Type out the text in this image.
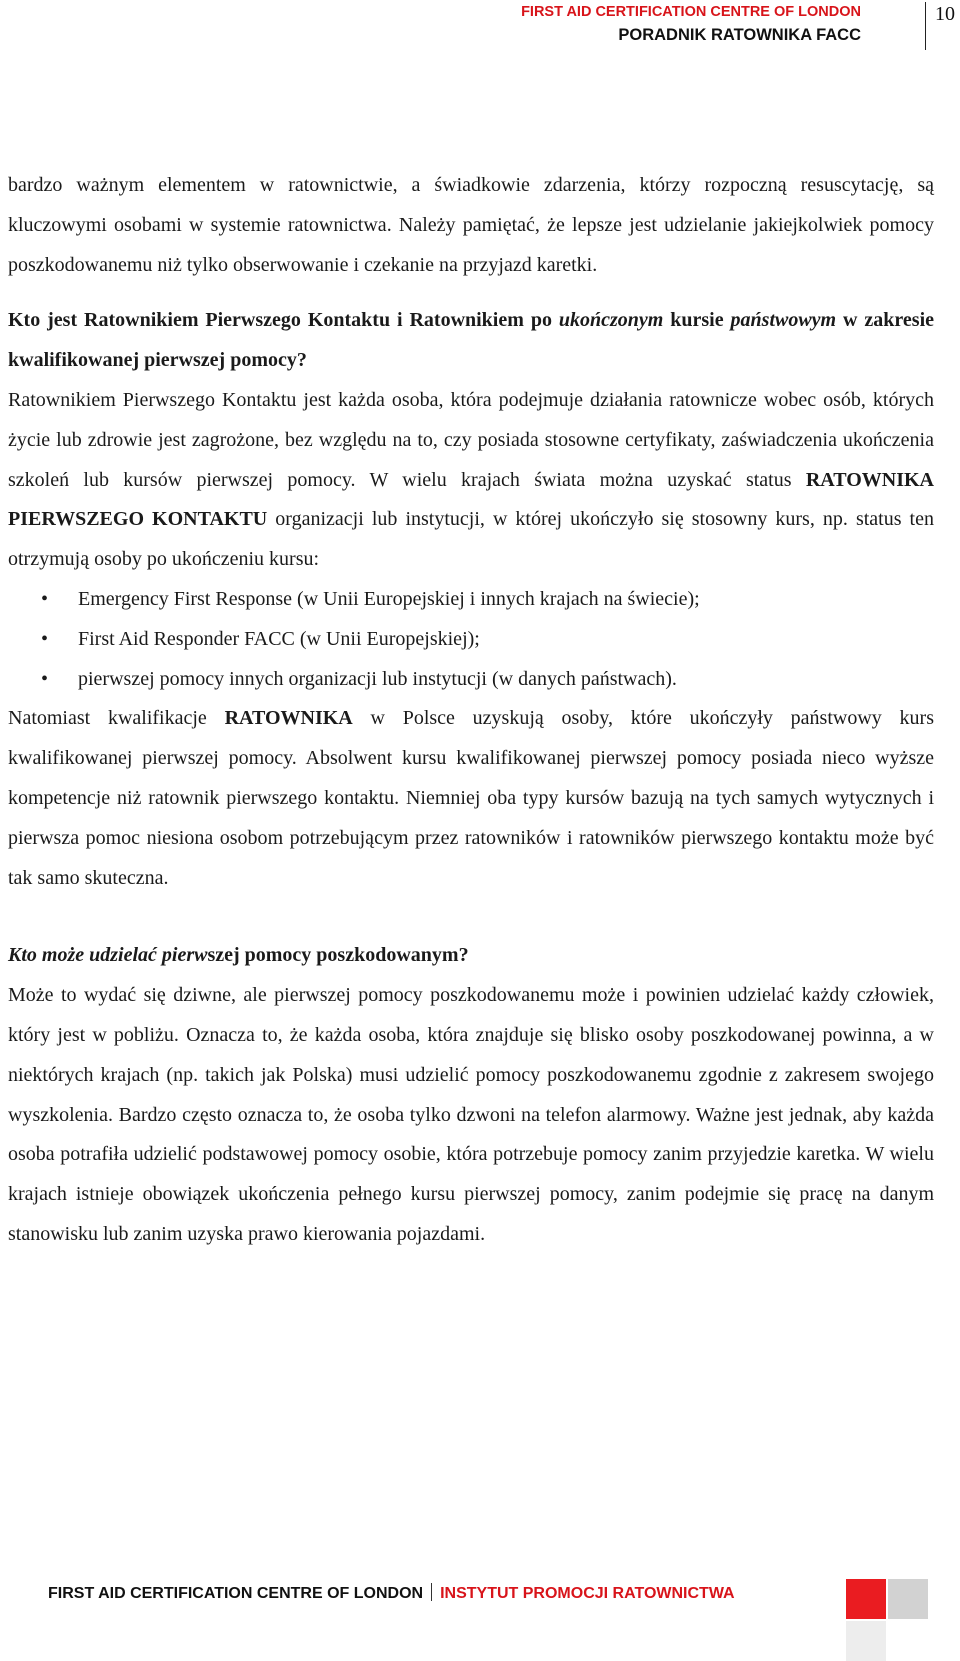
FIRST AID CERTIFICATION CENTRE OF LONDON
PORADNIK RATOWNIKA FACC
10

bardzo ważnym elementem w ratownictwie, a świadkowie zdarzenia, którzy rozpoczną resuscytację, są kluczowymi osobami w systemie ratownictwa. Należy pamiętać, że lepsze jest udzielanie jakiejkolwiek pomocy poszkodowanemu niż tylko obserwowanie i czekanie na przyjazd karetki.

Kto jest Ratownikiem Pierwszego Kontaktu i Ratownikiem po ukończonym kursie państwowym w zakresie kwalifikowanej pierwszej pomocy?

Ratownikiem Pierwszego Kontaktu jest każda osoba, która podejmuje działania ratownicze wobec osób, których życie lub zdrowie jest zagrożone, bez względu na to, czy posiada stosowne certyfikaty, zaświadczenia ukończenia szkoleń lub kursów pierwszej pomocy. W wielu krajach świata można uzyskać status RATOWNIKA PIERWSZEGO KONTAKTU organizacji lub instytucji, w której ukończyło się stosowny kurs, np. status ten otrzymują osoby po ukończeniu kursu:

• Emergency First Response (w Unii Europejskiej i innych krajach na świecie);
• First Aid Responder FACC (w Unii Europejskiej);
• pierwszej pomocy innych organizacji lub instytucji (w danych państwach).

Natomiast kwalifikacje RATOWNIKA w Polsce uzyskują osoby, które ukończyły państwowy kurs kwalifikowanej pierwszej pomocy. Absolwent kursu kwalifikowanej pierwszej pomocy posiada nieco wyższe kompetencje niż ratownik pierwszego kontaktu. Niemniej oba typy kursów bazują na tych samych wytycznych i pierwsza pomoc niesiona osobom potrzebującym przez ratowników i ratowników pierwszego kontaktu może być tak samo skuteczna.

Kto może udzielać pierwszej pomocy poszkodowanym?

Może to wydać się dziwne, ale pierwszej pomocy poszkodowanemu może i powinien udzielać każdy człowiek, który jest w pobliżu. Oznacza to, że każda osoba, która znajduje się blisko osoby poszkodowanej powinna, a w niektórych krajach (np. takich jak Polska) musi udzielić pomocy poszkodowanemu zgodnie z zakresem swojego wyszkolenia. Bardzo często oznacza to, że osoba tylko dzwoni na telefon alarmowy. Ważne jest jednak, aby każda osoba potrafiła udzielić podstawowej pomocy osobie, która potrzebuje pomocy zanim przyjedzie karetka. W wielu krajach istnieje obowiązek ukończenia pełnego kursu pierwszej pomocy, zanim podejmie się pracę na danym stanowisku lub zanim uzyska prawo kierowania pojazdami.

FIRST AID CERTIFICATION CENTRE OF LONDON INSTYTUT PROMOCJI RATOWNICTWA
